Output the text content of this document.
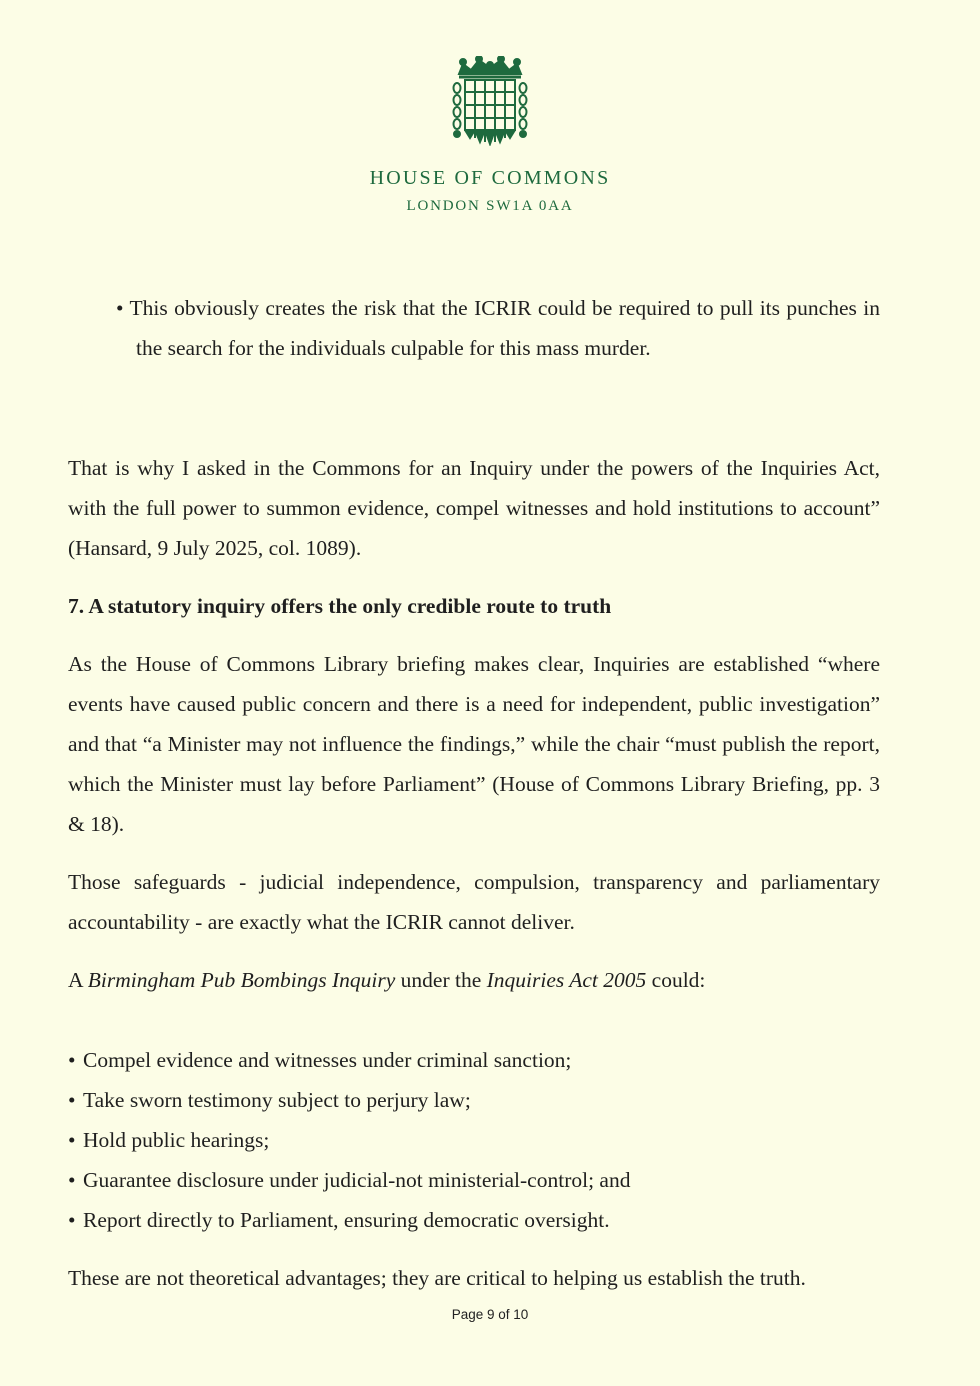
HOUSE OF COMMONS
LONDON SW1A 0AA

• This obviously creates the risk that the ICRIR could be required to pull its punches in the search for the individuals culpable for this mass murder.

That is why I asked in the Commons for an Inquiry under the powers of the Inquiries Act, with the full power to summon evidence, compel witnesses and hold institutions to account” (Hansard, 9 July 2025, col. 1089).

7. A statutory inquiry offers the only credible route to truth

As the House of Commons Library briefing makes clear, Inquiries are established “where events have caused public concern and there is a need for independent, public investigation” and that “a Minister may not influence the findings,” while the chair “must publish the report, which the Minister must lay before Parliament” (House of Commons Library Briefing, pp. 3 & 18).

Those safeguards - judicial independence, compulsion, transparency and parliamentary accountability - are exactly what the ICRIR cannot deliver.

A Birmingham Pub Bombings Inquiry under the Inquiries Act 2005 could:

• Compel evidence and witnesses under criminal sanction;
• Take sworn testimony subject to perjury law;
• Hold public hearings;
• Guarantee disclosure under judicial-not ministerial-control; and
• Report directly to Parliament, ensuring democratic oversight.

These are not theoretical advantages; they are critical to helping us establish the truth.

Page 9 of 10
